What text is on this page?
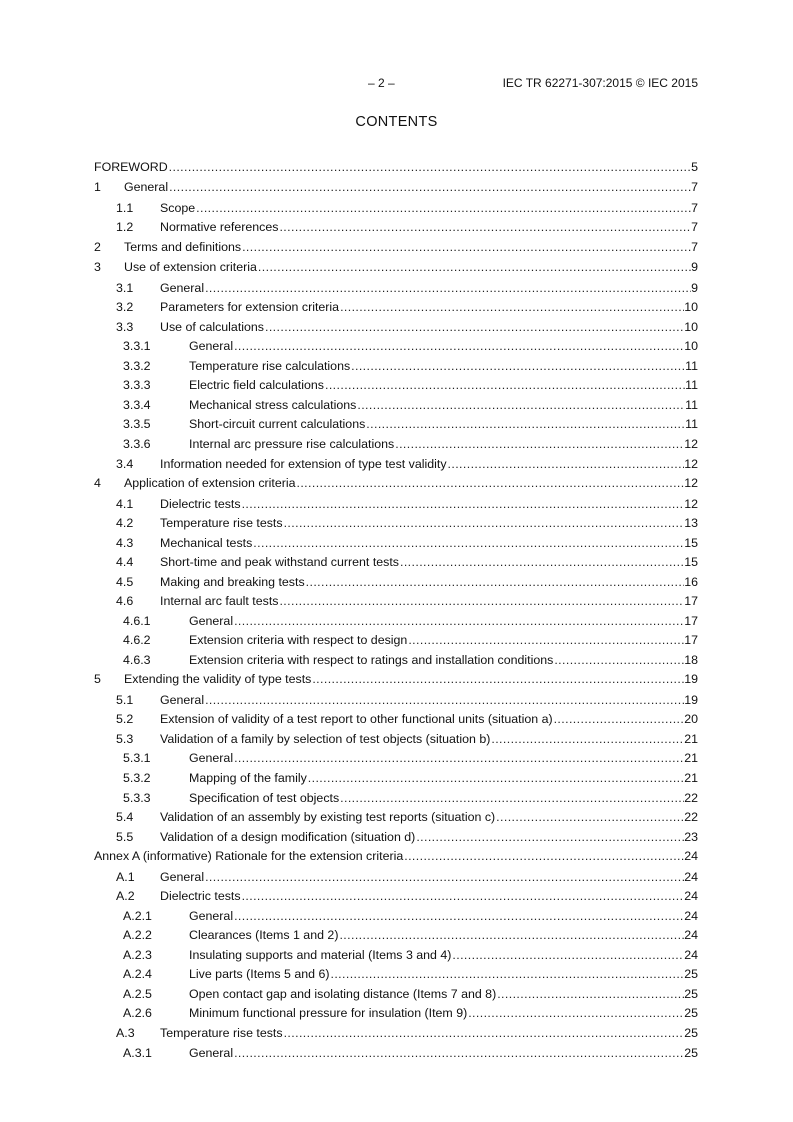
– 2 –	IEC TR 62271-307:2015 © IEC 2015
CONTENTS
FOREWORD .....	5
1	General .....	7
1.1	Scope .....	7
1.2	Normative references .....	7
2	Terms and definitions .....	7
3	Use of extension criteria .....	9
3.1	General .....	9
3.2	Parameters for extension criteria .....	10
3.3	Use of calculations .....	10
3.3.1	General .....	10
3.3.2	Temperature rise calculations .....	11
3.3.3	Electric field calculations .....	11
3.3.4	Mechanical stress calculations .....	11
3.3.5	Short-circuit current calculations .....	11
3.3.6	Internal arc pressure rise calculations .....	12
3.4	Information needed for extension of type test validity .....	12
4	Application of extension criteria .....	12
4.1	Dielectric tests .....	12
4.2	Temperature rise tests .....	13
4.3	Mechanical tests .....	15
4.4	Short-time and peak withstand current tests .....	15
4.5	Making and breaking tests .....	16
4.6	Internal arc fault tests .....	17
4.6.1	General .....	17
4.6.2	Extension criteria with respect to design .....	17
4.6.3	Extension criteria with respect to ratings and installation conditions .....	18
5	Extending the validity of type tests .....	19
5.1	General .....	19
5.2	Extension of validity of a test report to other functional units (situation a) .....	20
5.3	Validation of a family by selection of test objects (situation b) .....	21
5.3.1	General .....	21
5.3.2	Mapping of the family .....	21
5.3.3	Specification of test objects .....	22
5.4	Validation of an assembly by existing test reports (situation c) .....	22
5.5	Validation of a design modification (situation d) .....	23
Annex A (informative) Rationale for the extension criteria .....	24
A.1	General .....	24
A.2	Dielectric tests .....	24
A.2.1	General .....	24
A.2.2	Clearances (Items 1 and 2) .....	24
A.2.3	Insulating supports and material (Items 3 and 4) .....	24
A.2.4	Live parts (Items 5 and 6) .....	25
A.2.5	Open contact gap and isolating distance (Items 7 and 8) .....	25
A.2.6	Minimum functional pressure for insulation (Item 9) .....	25
A.3	Temperature rise tests .....	25
A.3.1	General .....	25
